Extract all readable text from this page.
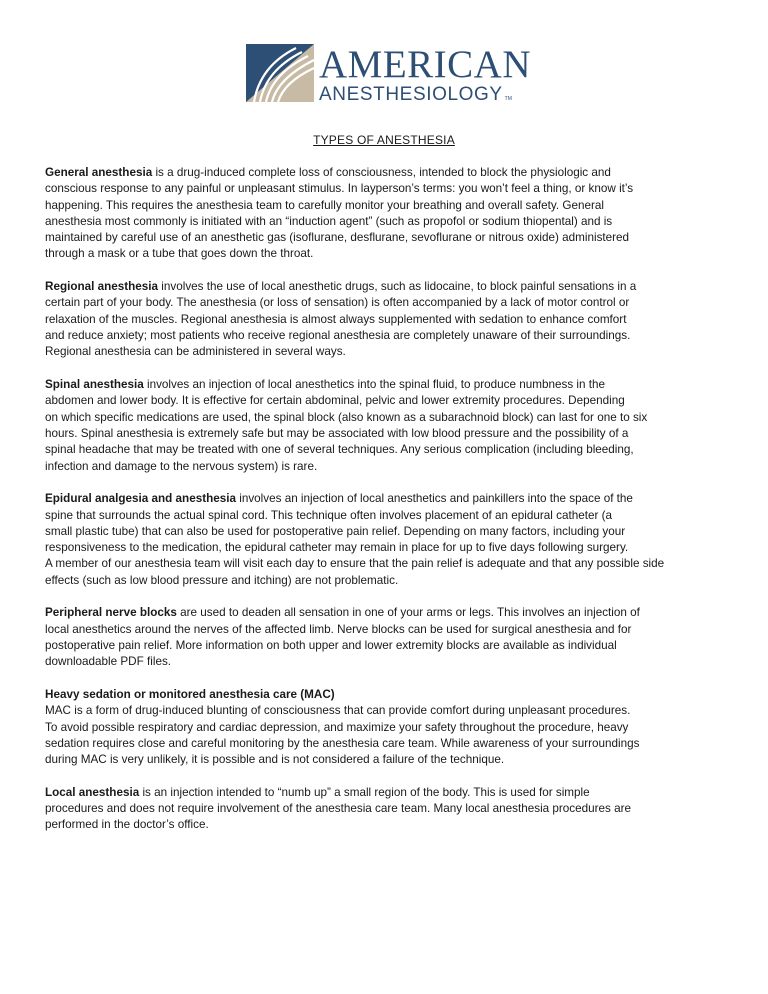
AMERICAN
ANESTHESIOLOGY TM
TYPES OF ANESTHESIA
General anesthesia is a drug-induced complete loss of consciousness, intended to block the physiologic and
conscious response to any painful or unpleasant stimulus. In layperson’s terms: you won’t feel a thing, or know it’s
happening. This requires the anesthesia team to carefully monitor your breathing and overall safety. General
anesthesia most commonly is initiated with an “induction agent” (such as propofol or sodium thiopental) and is
maintained by careful use of an anesthetic gas (isoflurane, desflurane, sevoflurane or nitrous oxide) administered
through a mask or a tube that goes down the throat.
Regional anesthesia involves the use of local anesthetic drugs, such as lidocaine, to block painful sensations in a
certain part of your body. The anesthesia (or loss of sensation) is often accompanied by a lack of motor control or
relaxation of the muscles. Regional anesthesia is almost always supplemented with sedation to enhance comfort
and reduce anxiety; most patients who receive regional anesthesia are completely unaware of their surroundings.
Regional anesthesia can be administered in several ways.
Spinal anesthesia involves an injection of local anesthetics into the spinal fluid, to produce numbness in the
abdomen and lower body. It is effective for certain abdominal, pelvic and lower extremity procedures. Depending
on which specific medications are used, the spinal block (also known as a subarachnoid block) can last for one to six
hours. Spinal anesthesia is extremely safe but may be associated with low blood pressure and the possibility of a
spinal headache that may be treated with one of several techniques. Any serious complication (including bleeding,
infection and damage to the nervous system) is rare.
Epidural analgesia and anesthesia involves an injection of local anesthetics and painkillers into the space of the
spine that surrounds the actual spinal cord. This technique often involves placement of an epidural catheter (a
small plastic tube) that can also be used for postoperative pain relief. Depending on many factors, including your
responsiveness to the medication, the epidural catheter may remain in place for up to five days following surgery.
A member of our anesthesia team will visit each day to ensure that the pain relief is adequate and that any possible side
effects (such as low blood pressure and itching) are not problematic.
Peripheral nerve blocks are used to deaden all sensation in one of your arms or legs. This involves an injection of
local anesthetics around the nerves of the affected limb. Nerve blocks can be used for surgical anesthesia and for
postoperative pain relief. More information on both upper and lower extremity blocks are available as individual
downloadable PDF files.
Heavy sedation or monitored anesthesia care (MAC)
MAC is a form of drug-induced blunting of consciousness that can provide comfort during unpleasant procedures.
To avoid possible respiratory and cardiac depression, and maximize your safety throughout the procedure, heavy
sedation requires close and careful monitoring by the anesthesia care team. While awareness of your surroundings
during MAC is very unlikely, it is possible and is not considered a failure of the technique.
Local anesthesia is an injection intended to “numb up” a small region of the body. This is used for simple
procedures and does not require involvement of the anesthesia care team. Many local anesthesia procedures are
performed in the doctor’s office.
